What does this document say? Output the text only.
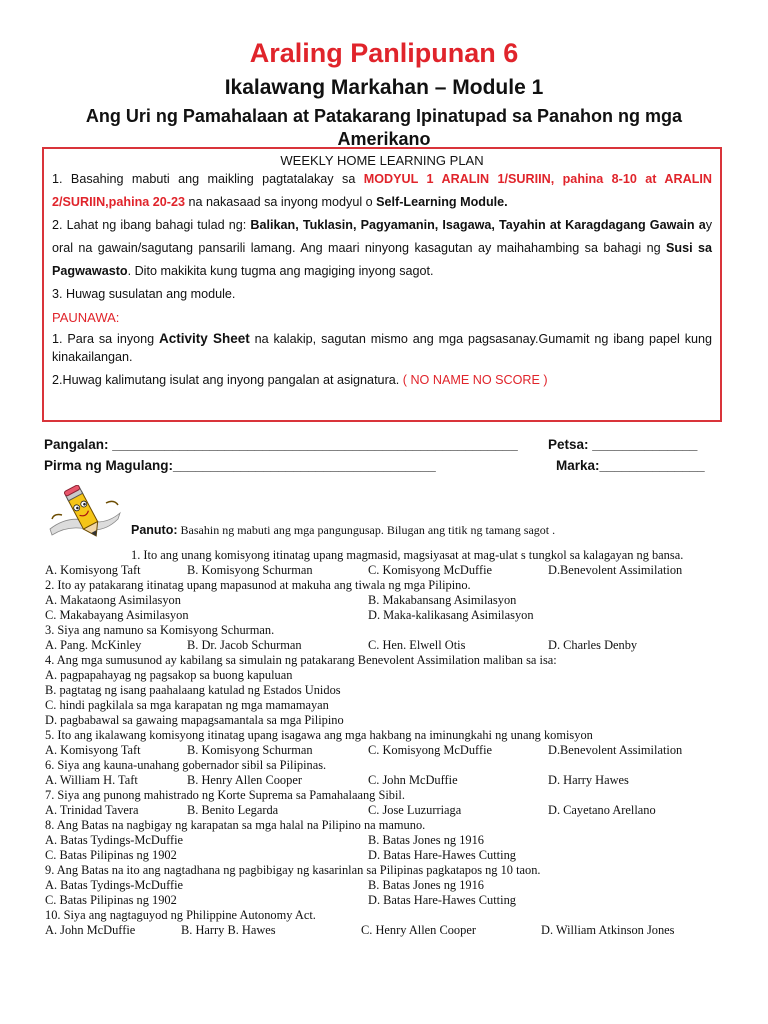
Araling Panlipunan 6
Ikalawang Markahan – Module 1
Ang Uri ng Pamahalaan at Patakarang Ipinatupad sa Panahon ng mga Amerikano
WEEKLY HOME LEARNING PLAN

1. Basahing mabuti ang maikling pagtatalakay sa MODYUL 1 ARALIN 1/SURIIN, pahina 8-10 at ARALIN 2/SURIIN,pahina 20-23 na nakasaad sa inyong modyul o Self-Learning Module.

2. Lahat ng ibang bahagi tulad ng: Balikan, Tuklasin, Pagyamanin, Isagawa, Tayahin at Karagdagang Gawain ay oral na gawain/sagutang pansarili lamang. Ang maari ninyong kasagutan ay maihahambing sa bahagi ng Susi sa Pagwawasto. Dito makikita kung tugma ang magiging inyong sagot.

3. Huwag susulatan ang module.

PAUNAWA:

1. Para sa inyong Activity Sheet na kalakip, sagutan mismo ang mga pagsasanay.Gumamit ng ibang papel kung kinakailangan.

2.Huwag kalimutang isulat ang inyong pangalan at asignatura. ( NO NAME NO SCORE )

Pangalan: ______________________________________________________ Petsa: ______________
Pirma ng Magulang:___________________________________	Marka:______________
Panuto: Basahin ng mabuti ang mga pangungusap. Bilugan ang titik ng tamang sagot .
1. Ito ang unang komisyong itinatag upang magmasid, magsiyasat at mag-ulat s tungkol sa kalagayan ng bansa.
A. Komisyong Taft	B. Komisyong Schurman	C. Komisyong McDuffie	D.Benevolent Assimilation
2. Ito ay patakarang itinatag upang mapasunod at makuha ang tiwala ng mga Pilipino.
A. Makataong Asimilasyon	B. Makabansang Asimilasyon
C. Makabayang Asimilasyon	D. Maka-kalikasang Asimilasyon
3. Siya ang namuno sa Komisyong Schurman.
A. Pang. McKinley	B. Dr. Jacob Schurman	C. Hen. Elwell Otis	D. Charles Denby
4. Ang mga sumusunod ay kabilang sa simulain ng patakarang Benevolent Assimilation maliban sa isa:
A. pagpapahayag ng pagsakop sa buong kapuluan
B. pagtatag ng isang paahalaang katulad ng Estados Unidos
C. hindi pagkilala sa mga karapatan ng mga mamamayan
D. pagbabawal sa gawaing mapagsamantala sa mga Pilipino
5. Ito ang ikalawang komisyong itinatag upang isagawa ang mga hakbang na iminungkahi ng unang komisyon
A. Komisyong Taft	B. Komisyong Schurman	C. Komisyong McDuffie	D.Benevolent Assimilation
6. Siya ang kauna-unahang gobernador sibil sa Pilipinas.
A. William H. Taft	B. Henry Allen Cooper	C. John McDuffie	D. Harry Hawes
7. Siya ang punong mahistrado ng Korte Suprema sa Pamahalaang Sibil.
A. Trinidad Tavera	B. Benito Legarda	C. Jose Luzurriaga	D. Cayetano Arellano
8. Ang Batas na nagbigay ng karapatan sa mga halal na Pilipino na mamuno.
A. Batas Tydings-McDuffie	B. Batas Jones ng 1916
C. Batas Pilipinas ng 1902	D. Batas Hare-Hawes Cutting
9. Ang Batas na ito ang nagtadhana ng pagbibigay ng kasarinlan sa Pilipinas pagkatapos ng 10 taon.
A. Batas Tydings-McDuffie	B. Batas Jones ng 1916
C. Batas Pilipinas ng 1902	D. Batas Hare-Hawes Cutting
10. Siya ang nagtaguyod ng Philippine Autonomy Act.
A. John McDuffie	B. Harry B. Hawes	C. Henry Allen Cooper	D. William Atkinson Jones
